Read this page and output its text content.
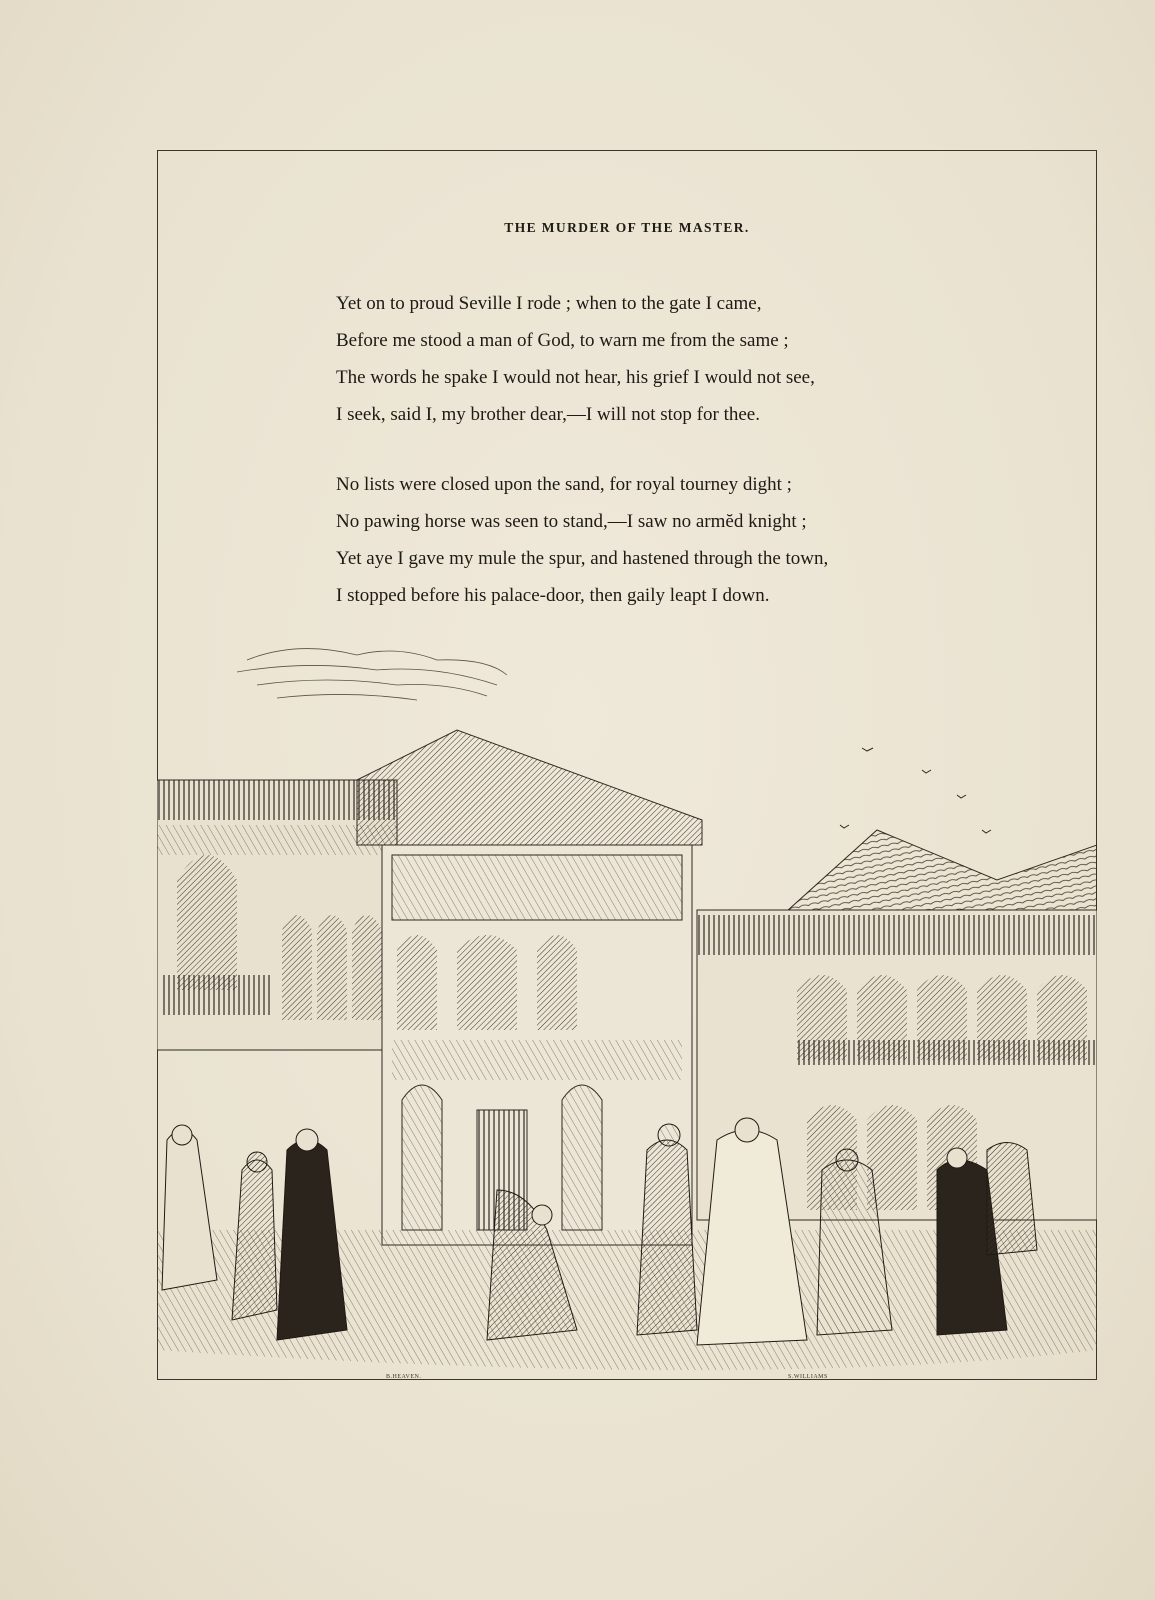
THE MURDER OF THE MASTER.
Yet on to proud Seville I rode ; when to the gate I came,
Before me stood a man of God, to warn me from the same ;
The words he spake I would not hear, his grief I would not see,
I seek, said I, my brother dear,—I will not stop for thee.
No lists were closed upon the sand, for royal tourney dight ;
No pawing horse was seen to stand,—I saw no armĕd knight ;
Yet aye I gave my mule the spur, and hastened through the town,
I stopped before his palace-door, then gaily leapt I down.
B.HEAVEN.	S.WILLIAMS
